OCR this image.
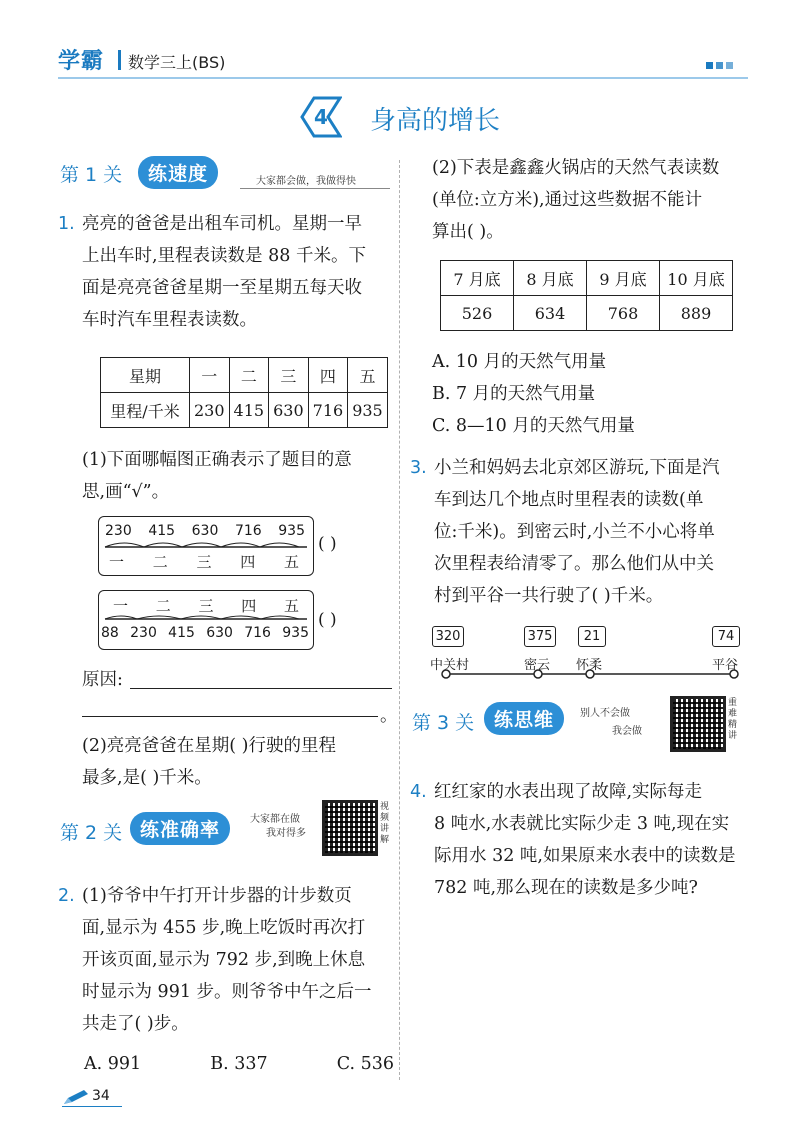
学霸 数学三上(BS)
4 身高的增长
第 1 关	练速度	大家都会做，我做得快
1. 亮亮的爸爸是出租车司机。星期一早
上出车时,里程表读数是 88 千米。下
面是亮亮爸爸星期一至星期五每天收
车时汽车里程表读数。
星期	一	二	三	四	五
里程/千米	230	415	630	716	935
(1)下面哪幅图正确表示了题目的意
思,画“√”。
230 415 630 716 935
一 二 三 四 五
( )
一 二 三 四 五
88 230 415 630 716 935
( )
原因:
。
(2)亮亮爸爸在星期( )行驶的里程
最多,是( )千米。
第 2 关 练准确率	大家都在做
我对得多
视频讲解
2. (1)爷爷中午打开计步器的计步数页
面,显示为 455 步,晚上吃饭时再次打
开该页面,显示为 792 步,到晚上休息
时显示为 991 步。则爷爷中午之后一
共走了( )步。
A. 991	B. 337	C. 536
34
(2)下表是鑫鑫火锅店的天然气表读数
(单位:立方米),通过这些数据不能计
算出( )。
7 月底	8 月底	9 月底	10 月底
526	634	768	889
A. 10 月的天然气用量
B. 7 月的天然气用量
C. 8—10 月的天然气用量
3. 小兰和妈妈去北京郊区游玩,下面是汽
车到达几个地点时里程表的读数(单
位:千米)。到密云时,小兰不小心将单
次里程表给清零了。那么他们从中关
村到平谷一共行驶了( )千米。
320
中关村
375
密云
21
怀柔
74
平谷
第 3 关	练思维	别人不会做
我会做
重难精讲
4. 红红家的水表出现了故障,实际每走
8 吨水,水表就比实际少走 3 吨,现在实
际用水 32 吨,如果原来水表中的读数是
782 吨,那么现在的读数是多少吨?
